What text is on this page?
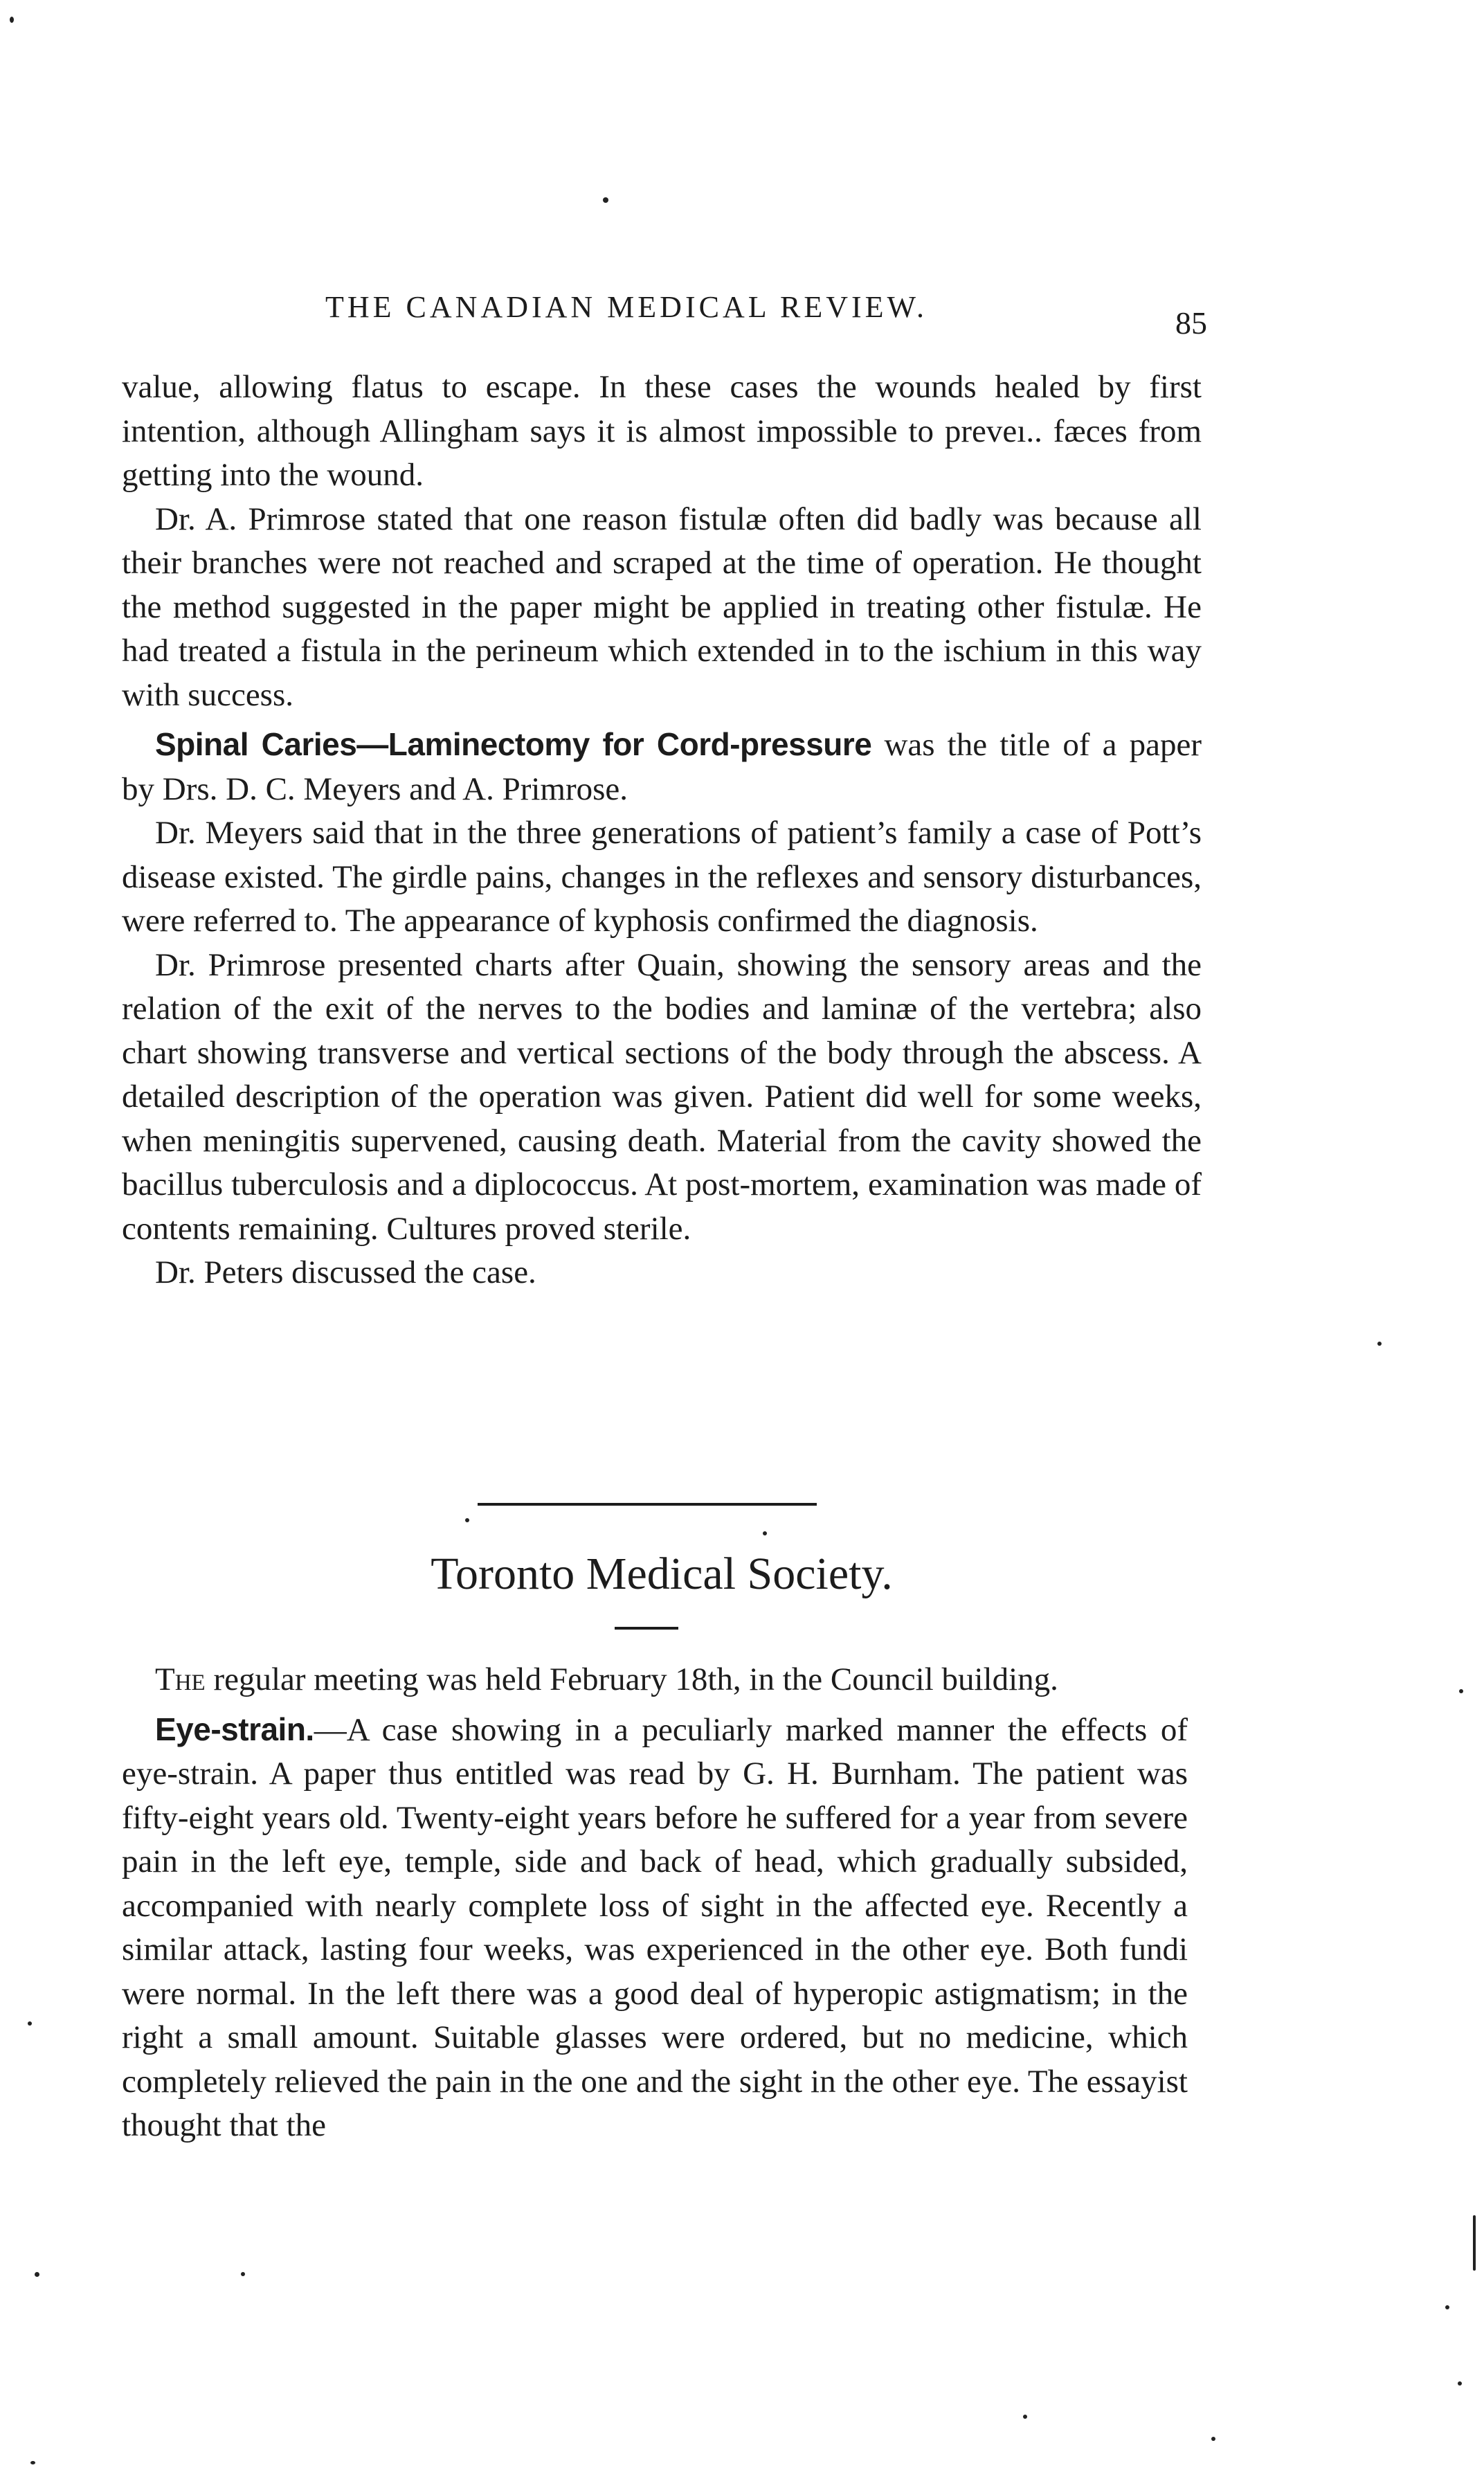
THE CANADIAN MEDICAL REVIEW.	85

value, allowing flatus to escape. In these cases the wounds healed by first intention, although Allingham says it is almost impossible to preveı.. fæces from getting into the wound.

Dr. A. Primrose stated that one reason fistulæ often did badly was because all their branches were not reached and scraped at the time of operation. He thought the method suggested in the paper might be applied in treating other fistulæ. He had treated a fistula in the perineum which extended in to the ischium in this way with success.

Spinal Caries—Laminectomy for Cord-pressure was the title of a paper by Drs. D. C. Meyers and A. Primrose.

Dr. Meyers said that in the three generations of patient’s family a case of Pott’s disease existed. The girdle pains, changes in the reflexes and sensory disturbances, were referred to. The appearance of kyphosis confirmed the diagnosis.

Dr. Primrose presented charts after Quain, showing the sensory areas and the relation of the exit of the nerves to the bodies and laminæ of the vertebra; also chart showing transverse and vertical sections of the body through the abscess. A detailed description of the operation was given. Patient did well for some weeks, when meningitis supervened, causing death. Material from the cavity showed the bacillus tuberculosis and a diplococcus. At post-mortem, examination was made of contents remaining. Cultures proved sterile.

Dr. Peters discussed the case.

Toronto Medical Society.

The regular meeting was held February 18th, in the Council building.

Eye-strain.—A case showing in a peculiarly marked manner the effects of eye-strain. A paper thus entitled was read by G. H. Burnham. The patient was fifty-eight years old. Twenty-eight years before he suffered for a year from severe pain in the left eye, temple, side and back of head, which gradually subsided, accompanied with nearly complete loss of sight in the affected eye. Recently a similar attack, lasting four weeks, was experienced in the other eye. Both fundi were normal. In the left there was a good deal of hyperopic astigmatism; in the right a small amount. Suitable glasses were ordered, but no medicine, which completely relieved the pain in the one and the sight in the other eye. The essayist thought that the
